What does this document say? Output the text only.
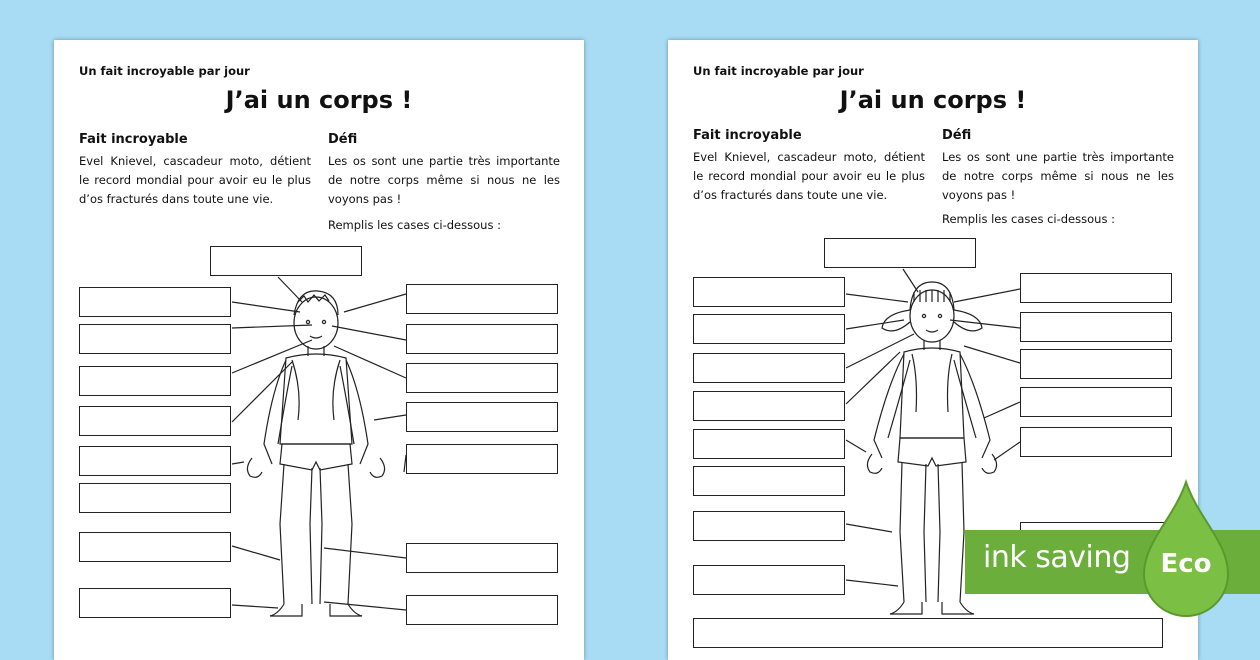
Un fait incroyable par jour
J’ai un corps !
Fait incroyable
Evel Knievel, cascadeur moto, détient le record mondial pour avoir eu le plus d’os fracturés dans toute une vie.
Défi
Les os sont une partie très importante de notre corps même si nous ne les voyons pas !
Remplis les cases ci-dessous :
Un fait incroyable par jour
J’ai un corps !
Fait incroyable
Evel Knievel, cascadeur moto, détient le record mondial pour avoir eu le plus d’os fracturés dans toute une vie.
Défi
Les os sont une partie très importante de notre corps même si nous ne les voyons pas !
Remplis les cases ci-dessous :
ink saving Eco
